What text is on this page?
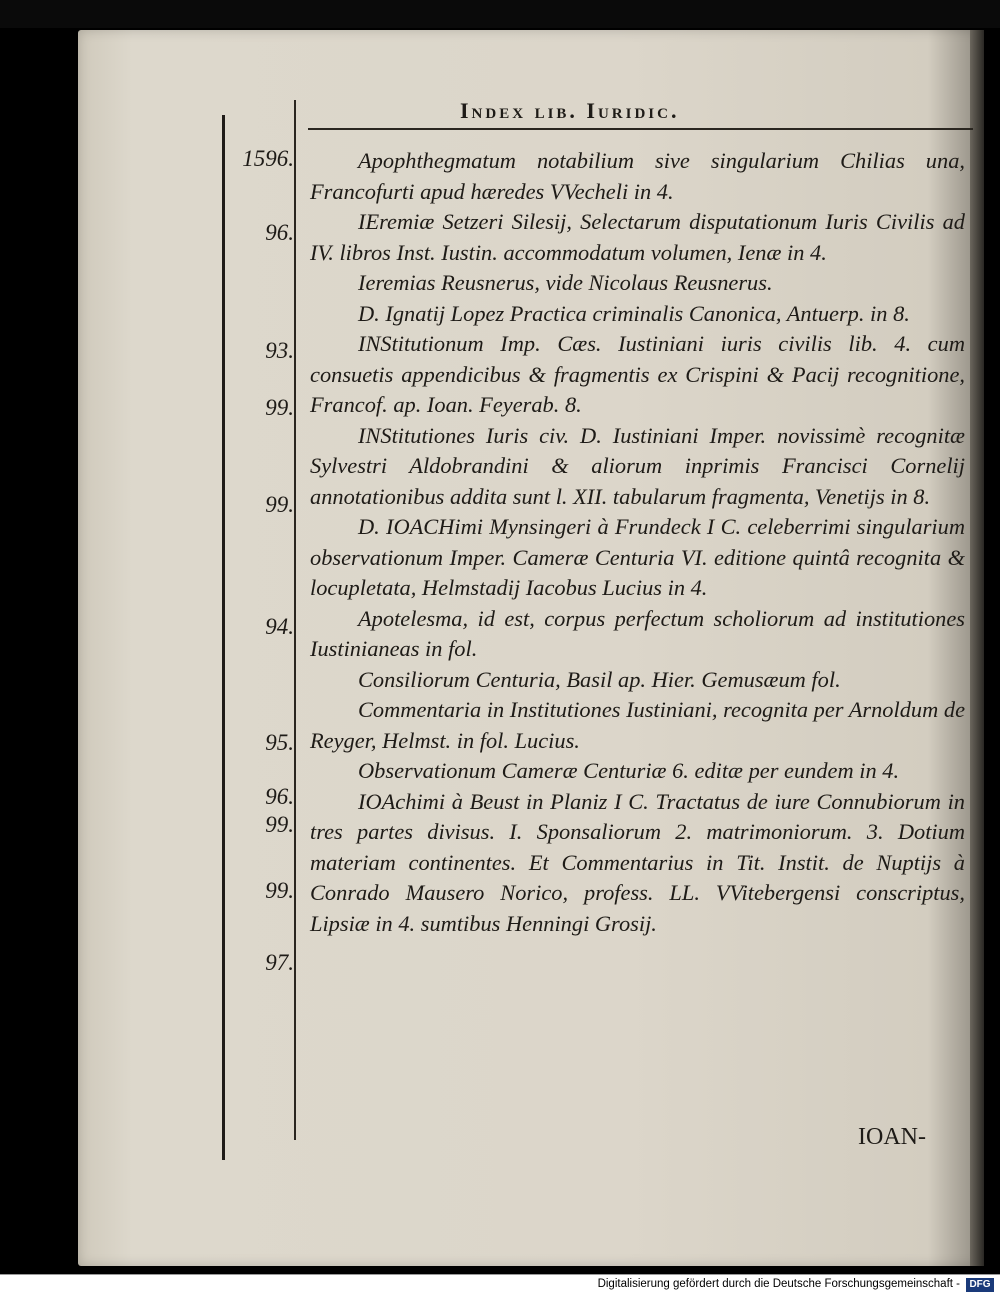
Index lib. Iuridic.
1596.
96.
93.
99.
99.
94.
95.
96.
99.
99.
97.

Apophthegmatum notabilium sive singularium Chilias una, Francofurti apud hæredes VVecheli in 4.

IEremiæ Setzeri Silesij, Selectarum disputationum Iuris Civilis ad IV. libros Inst. Iustin. accommodatum volumen, Ienæ in 4.

Ieremias Reusnerus, vide Nicolaus Reusnerus.

D. Ignatij Lopez Practica criminalis Canonica, Antuerp. in 8.

INStitutionum Imp. Cæs. Iustiniani iuris civilis lib. 4. cum consuetis appendicibus & fragmentis ex Crispini & Pacij recognitione, Francof. ap. Ioan. Feyerab. 8.

INStitutiones Iuris civ. D. Iustiniani Imper. novissimè recognitæ Sylvestri Aldobrandini & aliorum inprimis Francisci Cornelij annotationibus addita sunt l. XII. tabularum fragmenta, Venetijs in 8.

D. IOACHimi Mynsingeri à Frundeck I C. celeberrimi singularium observationum Imper. Cameræ Centuria VI. editione quintâ recognita & locupletata, Helmstadij Iacobus Lucius in 4.

Apotelesma, id est, corpus perfectum scholiorum ad institutiones Iustinianeas in fol.

Consiliorum Centuria, Basil ap. Hier. Gemusæum fol.

Commentaria in Institutiones Iustiniani, recognita per Arnoldum de Reyger, Helmst. in fol. Lucius.

Observationum Cameræ Centuriæ 6. editæ per eundem in 4.

IOAchimi à Beust in Planiz I C. Tractatus de iure Connubiorum in tres partes divisus. I. Sponsaliorum 2. matrimoniorum. 3. Dotium materiam continentes. Et Commentarius in Tit. Instit. de Nuptijs à Conrado Mausero Norico, profess. LL. VVitebergensi conscriptus, Lipsiæ in 4. sumtibus Henningi Grosij.

IOAN-
Digitalisierung gefördert durch die Deutsche Forschungsgemeinschaft - DFG
